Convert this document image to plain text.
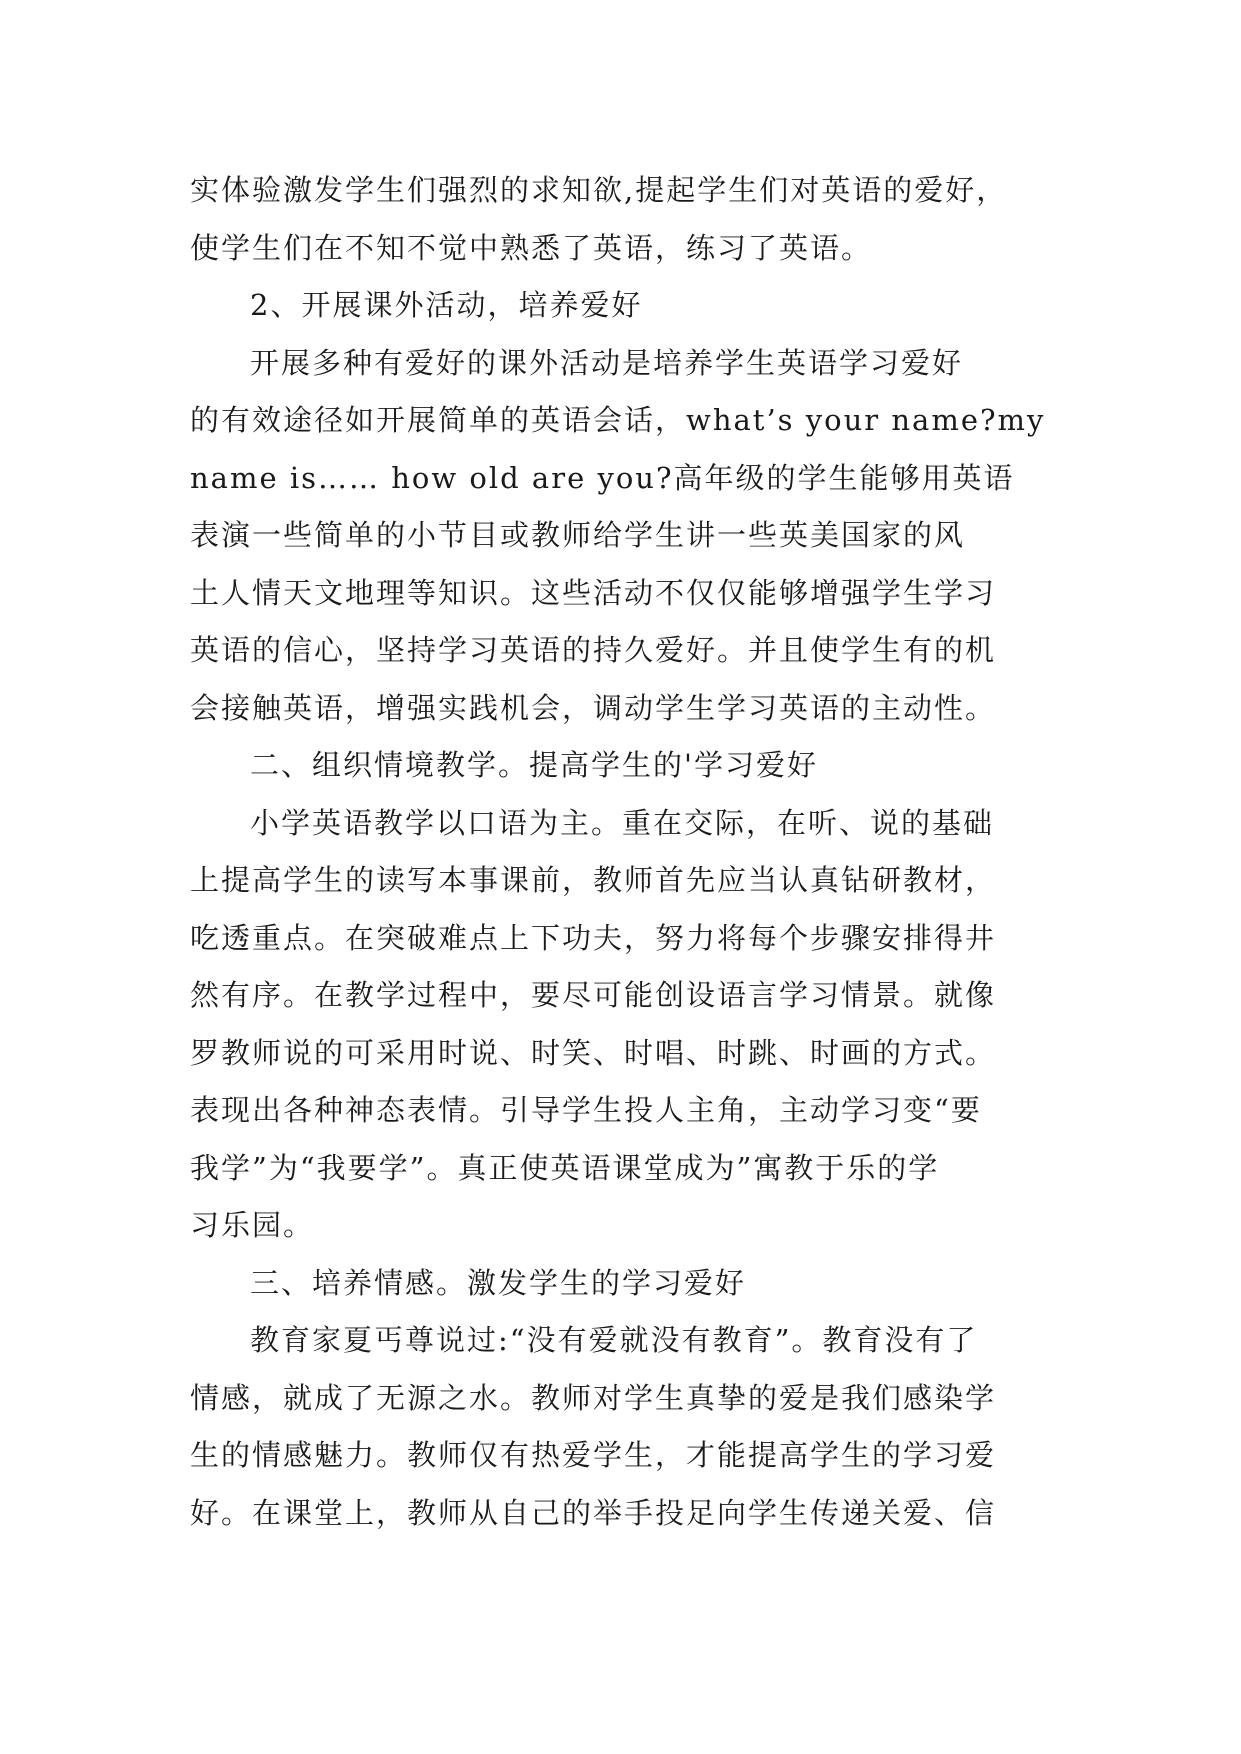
实体验激发学生们强烈的求知欲,提起学生们对英语的爱好，
使学生们在不知不觉中熟悉了英语，练习了英语。
2、开展课外活动，培养爱好
开展多种有爱好的课外活动是培养学生英语学习爱好
的有效途径如开展简单的英语会话，what’s your name?my
name is…… how old are you?高年级的学生能够用英语
表演一些简单的小节目或教师给学生讲一些英美国家的风
土人情天文地理等知识。这些活动不仅仅能够增强学生学习
英语的信心，坚持学习英语的持久爱好。并且使学生有的机
会接触英语，增强实践机会，调动学生学习英语的主动性。
二、组织情境教学。提高学生的'学习爱好
小学英语教学以口语为主。重在交际，在听、说的基础
上提高学生的读写本事课前，教师首先应当认真钻研教材，
吃透重点。在突破难点上下功夫，努力将每个步骤安排得井
然有序。在教学过程中，要尽可能创设语言学习情景。就像
罗教师说的可采用时说、时笑、时唱、时跳、时画的方式。
表现出各种神态表情。引导学生投人主角，主动学习变“要
我学”为“我要学”。真正使英语课堂成为”寓教于乐的学
习乐园。
三、培养情感。激发学生的学习爱好
教育家夏丐尊说过:“没有爱就没有教育”。教育没有了
情感，就成了无源之水。教师对学生真挚的爱是我们感染学
生的情感魅力。教师仅有热爱学生，才能提高学生的学习爱
好。在课堂上，教师从自己的举手投足向学生传递关爱、信
